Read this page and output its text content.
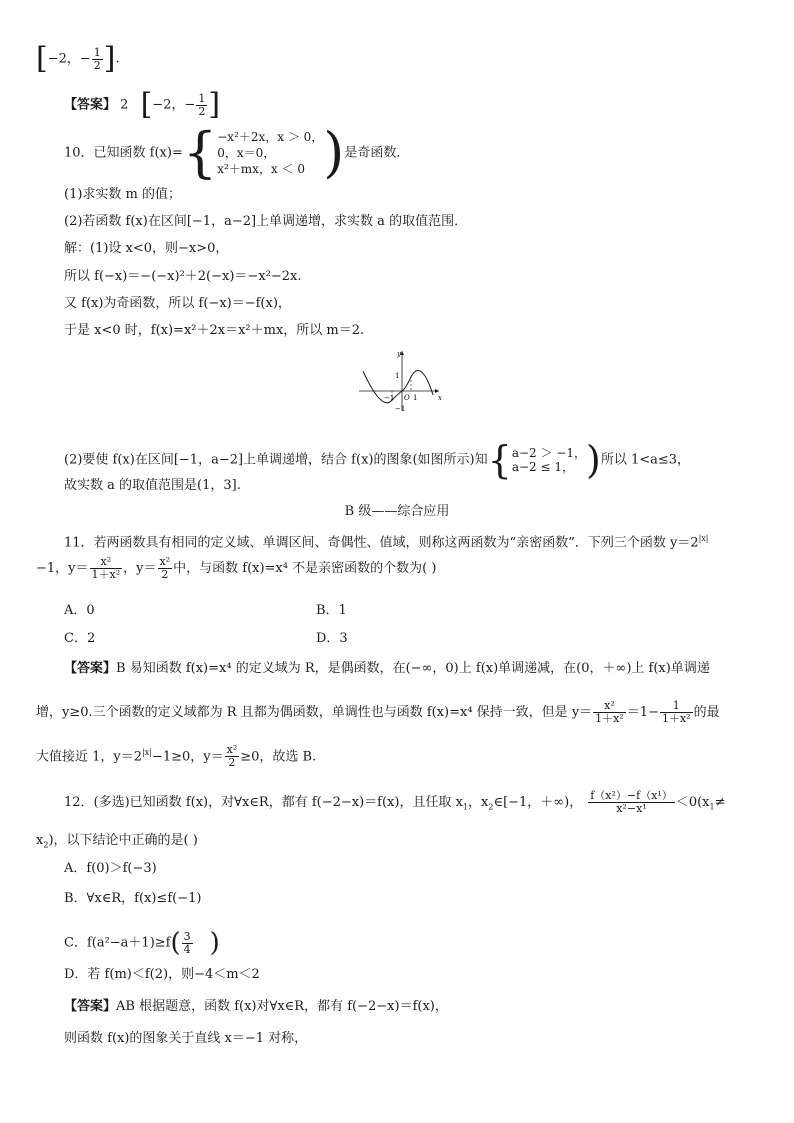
[−2，− $\frac{1}{2}$ ].
【答案】 2 [−2，− $\frac{1}{2}$ ]
10．已知函数 f(x)= { −x²＋2x，x ＞ 0，
0，x＝0，
x²＋mx，x ＜ 0 ) 是奇函数．
(1)求实数 m 的值；
(2)若函数 f(x)在区间[−1，a−2]上单调递增，求实数 a 的取值范围．
解：(1)设 x<0，则−x>0，
所以 f(−x)＝−(−x)²＋2(−x)＝−x²−2x.
又 f(x)为奇函数，所以 f(−x)＝−f(x)，
于是 x<0 时，f(x)=x²＋2x＝x²＋mx，所以 m＝2.
y
x
1
−1
O 1
−1
(2)要使 f(x)在区间[−1，a−2]上单调递增，结合 f(x)的图象(如图所示)知 { a−2 ＞ −1，
a−2 ≤ 1， ) 所以 1<a≤3，
故实数 a 的取值范围是(1，3].
B 级——综合应用
11．若两函数具有相同的定义域、单调区间、奇偶性、值域，则称这两函数为“亲密函数”．下列三个函数 $y=2^{|x|}$
−1，$y= \frac{\text{x²}}{\text{1＋x²}}$ ，$y= \frac{\text{x²}}{2}$ 中，与函数 f(x)=x⁴ 不是亲密函数的个数为( )
A．0	B．1
C．2	D．3
【答案】B 易知函数 f(x)=x⁴ 的定义域为 R，是偶函数，在(−∞，0)上 f(x)单调递减，在(0，＋∞)上 f(x)单调递
增，y≥0.三个函数的定义域都为 R 且都为偶函数，单调性也与函数 f(x)=x⁴ 保持一致，但是 $y= \frac{\text{x²}}{\text{1＋x²}} =1- \frac{1}{\text{1＋x²}}$ 的最
大值接近 1，$y=2^{|x|}-1\ge 0$，$y= \frac{\text{x²}}{2} \ge 0$，故选 B.
12．(多选)已知函数 f(x)，对∀x∈R，都有 f(−2−x)＝f(x)，且任取 $x_1$，$x_2\in[-1$，＋∞)， $\frac{\text{f（x²）−f（x¹）}}{\text{x²−x¹}} <0(x_1\ne$
$x_2$)，以下结论中正确的是( )
A．f(0)＞f(−3)
B．∀x∈R，f(x)≤f(−1)
C．$f(a^2-a+1)\ge f( \frac{3}{4}$ )
D．若 f(m)＜f(2)，则−4＜m＜2
【答案】AB 根据题意，函数 f(x)对∀x∈R，都有 f(−2−x)＝f(x)，
则函数 f(x)的图象关于直线 x＝−1 对称，
